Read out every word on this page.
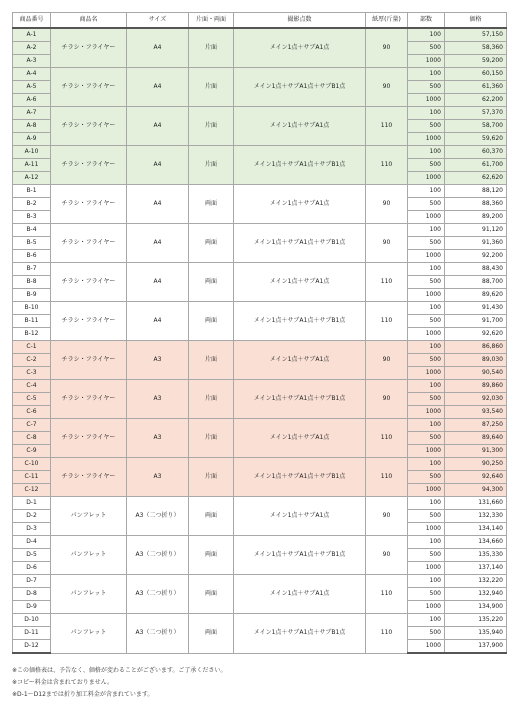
商品番号	商品名	サイズ	片面・両面	撮影点数	紙厚(斤量)	部数	価格
A-1	チラシ・フライヤー	A4	片面	メイン1点＋サブA1点	90	100	57,150
A-2						500	58,360
A-3						1000	59,200
A-4	チラシ・フライヤー	A4	片面	メイン1点＋サブA1点＋サブB1点	90	100	60,150
A-5						500	61,360
A-6						1000	62,200
A-7	チラシ・フライヤー	A4	片面	メイン1点＋サブA1点	110	100	57,370
A-8						500	58,700
A-9						1000	59,620
A-10	チラシ・フライヤー	A4	片面	メイン1点＋サブA1点＋サブB1点	110	100	60,370
A-11						500	61,700
A-12						1000	62,620
B-1	チラシ・フライヤー	A4	両面	メイン1点＋サブA1点	90	100	88,120
B-2						500	88,360
B-3						1000	89,200
B-4	チラシ・フライヤー	A4	両面	メイン1点＋サブA1点＋サブB1点	90	100	91,120
B-5						500	91,360
B-6						1000	92,200
B-7	チラシ・フライヤー	A4	両面	メイン1点＋サブA1点	110	100	88,430
B-8						500	88,700
B-9						1000	89,620
B-10	チラシ・フライヤー	A4	両面	メイン1点＋サブA1点＋サブB1点	110	100	91,430
B-11						500	91,700
B-12						1000	92,620
C-1	チラシ・フライヤー	A3	片面	メイン1点＋サブA1点	90	100	86,860
C-2						500	89,030
C-3						1000	90,540
C-4	チラシ・フライヤー	A3	片面	メイン1点＋サブA1点＋サブB1点	90	100	89,860
C-5						500	92,030
C-6						1000	93,540
C-7	チラシ・フライヤー	A3	片面	メイン1点＋サブA1点	110	100	87,250
C-8						500	89,640
C-9						1000	91,300
C-10	チラシ・フライヤー	A3	片面	メイン1点＋サブA1点＋サブB1点	110	100	90,250
C-11						500	92,640
C-12						1000	94,300
D-1	パンフレット	A3（二つ折り）	両面	メイン1点＋サブA1点	90	100	131,660
D-2						500	132,330
D-3						1000	134,140
D-4	パンフレット	A3（二つ折り）	両面	メイン1点＋サブA1点＋サブB1点	90	100	134,660
D-5						500	135,330
D-6						1000	137,140
D-7	パンフレット	A3（二つ折り）	両面	メイン1点＋サブA1点	110	100	132,220
D-8						500	132,940
D-9						1000	134,900
D-10	パンフレット	A3（二つ折り）	両面	メイン1点＋サブA1点＋サブB1点	110	100	135,220
D-11						500	135,940
D-12						1000	137,900
※この価格表は、予告なく、価格が変わることがございます。ご了承ください。
※コピー料金は含まれておりません。
※D-1～D12までは折り加工料金が含まれています。
